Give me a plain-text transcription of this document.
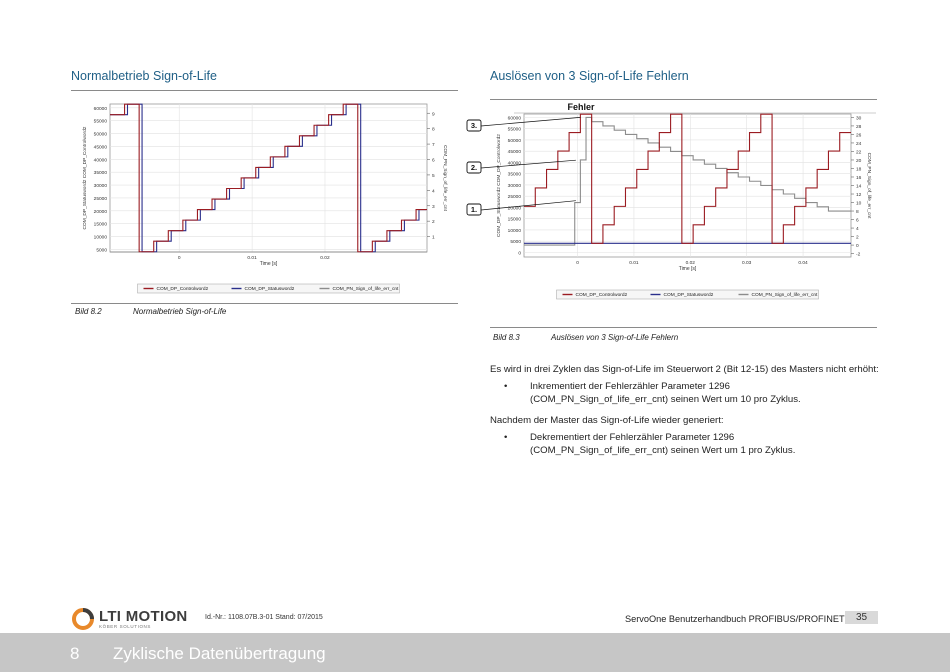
Normalbetrieb Sign-of-Life
5000
10000
15000
20000
25000
30000
35000
40000
45000
50000
55000
60000
0	0.01	0.02
1
2
3
4
5
6
7
8
9
Time [s]
COM_DP_Statusword2 COM_DP_Controlword2	COM_PN_Sign_of_life_err_cnt
COM_DP_Controlword2	COM_DP_Statusword2	COM_PN_Sign_of_life_err_cnt
Bild 8.2	Normalbetrieb Sign-of-Life
Auslösen von 3 Sign-of-Life Fehlern
0
5000
10000
15000
20000
25000
30000
35000
40000
45000
50000
55000
60000
0	0.01	0.02	0.03	0.04
-2
0
2
4
6
8
10
12
14
16
18
20
22
24
26
28
30
Time [s]
COM_DP_Statusword2 COM_DP_Controlword2	COM_PN_Sign_of_life_err_cnt
COM_DP_Controlword2	COM_DP_Statusword2	COM_PN_Sign_of_life_err_cnt
Fehler
1.
2.
3.
Bild 8.3	Auslösen von 3 Sign-of-Life Fehlern

Es wird in drei Zyklen das Sign-of-Life im Steuerwort 2 (Bit 12-15) des Masters nicht erhöht:

• Inkrementiert der Fehlerzähler Parameter 1296
(COM_PN_Sign_of_life_err_cnt) seinen Wert um 10 pro Zyklus.

Nachdem der Master das Sign-of-Life wieder generiert:

• Dekrementiert der Fehlerzähler Parameter 1296
(COM_PN_Sign_of_life_err_cnt) seinen Wert um 1 pro Zyklus.
LTI MOTION
KÖBER SOLUTIONS
Id.-Nr.: 1108.07B.3-01 Stand: 07/2015	ServoOne Benutzerhandbuch PROFIBUS/PROFINET	35
8 Zyklische Datenübertragung
